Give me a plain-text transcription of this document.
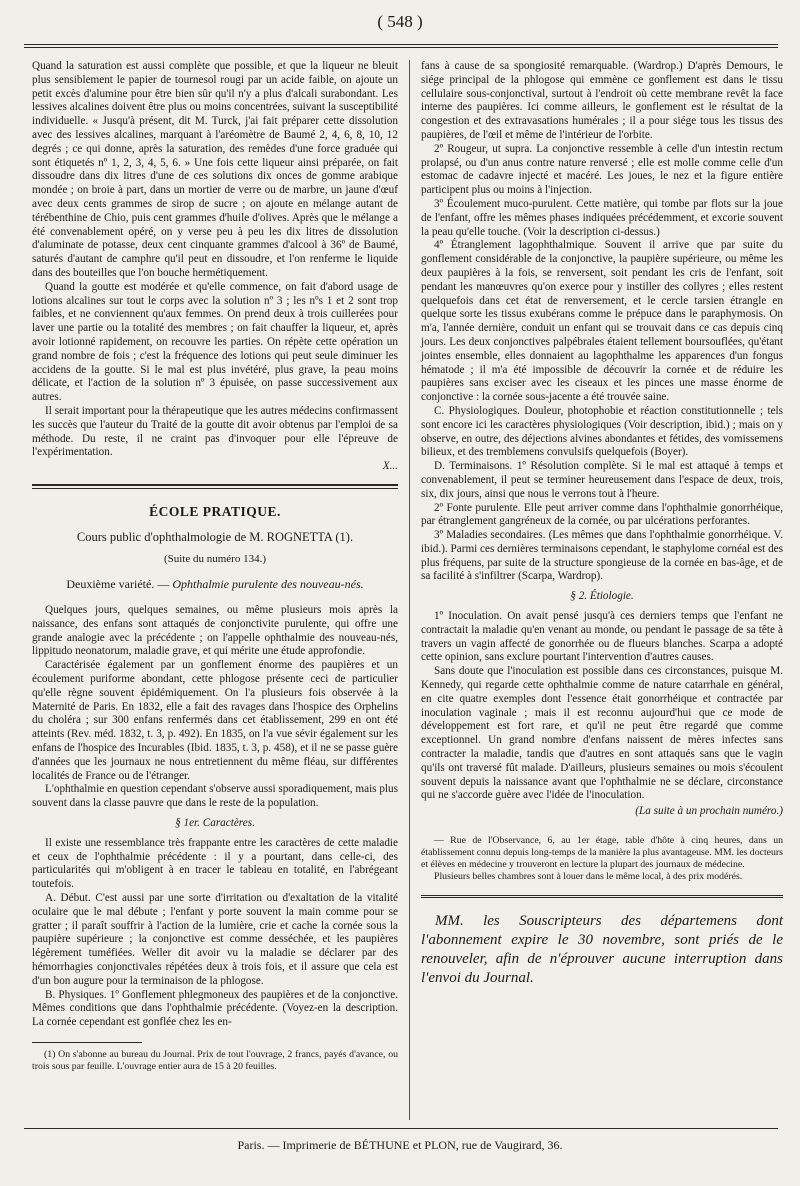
( 548 )

Quand la saturation est aussi complète que possible, et que la liqueur ne bleuit plus sensiblement le papier de tournesol rougi par un acide faible, on ajoute un petit excès d'alumine pour être bien sûr qu'il n'y a plus d'alcali surabondant. Les lessives alcalines doivent être plus ou moins concentrées, suivant la susceptibilité individuelle. « Jusqu'à présent, dit M. Turck, j'ai fait préparer cette dissolution avec des lessives alcalines, marquant à l'aréomètre de Baumé 2, 4, 6, 8, 10, 12 degrés ; ce qui donne, après la saturation, des remèdes d'une force graduée qui sont étiquetés nº 1, 2, 3, 4, 5, 6. » Une fois cette liqueur ainsi préparée, on fait dissoudre dans dix litres d'une de ces solutions dix onces de gomme arabique mondée ; on broie à part, dans un mortier de verre ou de marbre, un jaune d'œuf avec deux cents grammes de sirop de sucre ; on ajoute en mélange autant de térébenthine de Chio, puis cent grammes d'huile d'olives. Après que le mélange a été convenablement opéré, on y verse peu à peu les dix litres de dissolution d'aluminate de potasse, deux cent cinquante grammes d'alcool à 36º de Baumé, saturés d'autant de camphre qu'il peut en dissoudre, et l'on renferme le liquide dans des bouteilles que l'on bouche hermétiquement.

Quand la goutte est modérée et qu'elle commence, on fait d'abord usage de lotions alcalines sur tout le corps avec la solution nº 3 ; les nºs 1 et 2 sont trop faibles, et ne conviennent qu'aux femmes. On prend deux à trois cuillerées pour laver une partie ou la totalité des membres ; on fait chauffer la liqueur, et, après avoir lotionné rapidement, on recouvre les parties. On répète cette opération un grand nombre de fois ; c'est la fréquence des lotions qui peut seule diminuer les accidens de la goutte. Si le mal est plus invétéré, plus grave, la peau moins délicate, et l'action de la solution nº 3 épuisée, on passe successivement aux autres.

Il serait important pour la thérapeutique que les autres médecins confirmassent les succès que l'auteur du Traité de la goutte dit avoir obtenus par l'emploi de sa méthode. Du reste, il ne craint pas d'invoquer pour elle l'épreuve de l'expérimentation.

X...
ÉCOLE PRATIQUE.
Cours public d'ophthalmologie de M. ROGNETTA (1).
(Suite du numéro 134.)
Deuxième variété. — Ophthalmie purulente des nouveau-nés.

Quelques jours, quelques semaines, ou même plusieurs mois après la naissance, des enfans sont attaqués de conjonctivite purulente, qui offre une grande analogie avec la précédente ; on l'appelle ophthalmie des nouveau-nés, lippitudo neonatorum, maladie grave, et qui mérite une étude approfondie.

Caractérisée également par un gonflement énorme des paupières et un écoulement puriforme abondant, cette phlogose présente ceci de particulier qu'elle règne souvent épidémiquement. On l'a plusieurs fois observée à la Maternité de Paris. En 1832, elle a fait des ravages dans l'hospice des Orphelins du choléra ; sur 300 enfans renfermés dans cet établissement, 299 en ont été atteints (Rev. méd. 1832, t. 3, p. 492). En 1835, on l'a vue sévir également sur les enfans de l'hospice des Incurables (Ibid. 1835, t. 3, p. 458), et il ne se passe guère d'années que les journaux ne nous entretiennent du même fléau, sur différentes localités de France ou de l'étranger.

L'ophthalmie en question cependant s'observe aussi sporadiquement, mais plus souvent dans la classe pauvre que dans le reste de la population.

§ 1er. Caractères.

Il existe une ressemblance très frappante entre les caractères de cette maladie et ceux de l'ophthalmie précédente : il y a pourtant, dans celle-ci, des particularités qui m'obligent à en tracer le tableau en totalité, en l'abrégeant toutefois.

A. Début. C'est aussi par une sorte d'irritation ou d'exaltation de la vitalité oculaire que le mal débute ; l'enfant y porte souvent la main comme pour se gratter ; il paraît souffrir à l'action de la lumière, crie et cache la cornée sous la paupière supérieure ; la conjonctive est comme desséchée, et les paupières légèrement tuméfiées. Weller dit avoir vu la maladie se déclarer par des hémorrhagies conjonctivales répétées deux à trois fois, et il assure que cela est d'un bon augure pour la terminaison de la phlogose.

B. Physiques. 1º Gonflement phlegmoneux des paupières et de la conjonctive. Mêmes conditions que dans l'ophthalmie précédente. (Voyez-en la description. La cornée cependant est gonflée chez les en-

(1) On s'abonne au bureau du Journal. Prix de tout l'ouvrage, 2 francs, payés d'avance, ou trois sous par feuille. L'ouvrage entier aura de 15 à 20 feuilles.

fans à cause de sa spongiosité remarquable. (Wardrop.) D'après Demours, le siége principal de la phlogose qui emmène ce gonflement est dans le tissu cellulaire sous-conjonctival, surtout à l'endroit où cette membrane revêt la face interne des paupières. Ici comme ailleurs, le gonflement est le résultat de la congestion et des extravasations humérales ; il a pour siége tous les tissus des paupières, de l'œil et même de l'intérieur de l'orbite.

2º Rougeur, ut supra. La conjonctive ressemble à celle d'un intestin rectum prolapsé, ou d'un anus contre nature renversé ; elle est molle comme celle d'un estomac de cadavre injecté et macéré. Les joues, le nez et la figure entière participent plus ou moins à l'injection.

3º Écoulement muco-purulent. Cette matière, qui tombe par flots sur la joue de l'enfant, offre les mêmes phases indiquées précédemment, et excorie souvent la peau qu'elle touche. (Voir la description ci-dessus.)

4º Étranglement lagophthalmique. Souvent il arrive que par suite du gonflement considérable de la conjonctive, la paupière supérieure, ou même les deux paupières à la fois, se renversent, soit pendant les cris de l'enfant, soit pendant les manœuvres qu'on exerce pour y instiller des collyres ; elles restent quelquefois dans cet état de renversement, et le cercle tarsien étrangle en quelque sorte les tissus exubérans comme le prépuce dans le paraphymosis. On m'a, l'année dernière, conduit un enfant qui se trouvait dans ce cas depuis cinq jours. Les deux conjonctives palpébrales étaient tellement boursouflées, qu'étant jointes ensemble, elles donnaient au lagophthalme les apparences d'un fongus hématode ; il m'a été impossible de découvrir la cornée et de réduire les paupières sans exciser avec les ciseaux et les pinces une masse énorme de conjonctive : la cornée sous-jacente a été trouvée saine.

C. Physiologiques. Douleur, photophobie et réaction constitutionnelle ; tels sont encore ici les caractères physiologiques (Voir description, ibid.) ; mais on y observe, en outre, des déjections alvines abondantes et fétides, des vomissemens bilieux, et des tremblemens convulsifs quelquefois (Boyer).

D. Terminaisons. 1º Résolution complète. Si le mal est attaqué à temps et convenablement, il peut se terminer heureusement dans l'espace de deux, trois, six, dix jours, ainsi que nous le verrons tout à l'heure.

2º Fonte purulente. Elle peut arriver comme dans l'ophthalmie gonorrhéique, par étranglement gangréneux de la cornée, ou par ulcérations perforantes.

3º Maladies secondaires. (Les mêmes que dans l'ophthalmie gonorrhéique. V. ibid.). Parmi ces dernières terminaisons cependant, le staphylome cornéal est des plus fréquens, par suite de la structure spongieuse de la cornée en bas-âge, et de sa facilité à s'infiltrer (Scarpa, Wardrop).

§ 2. Étiologie.

1º Inoculation. On avait pensé jusqu'à ces derniers temps que l'enfant ne contractait la maladie qu'en venant au monde, ou pendant le passage de sa tête à travers un vagin affecté de gonorrhée ou de flueurs blanches. Scarpa a adopté cette opinion, sans exclure pourtant l'intervention d'autres causes.

Sans doute que l'inoculation est possible dans ces circonstances, puisque M. Kennedy, qui regarde cette ophthalmie comme de nature catarrhale en général, en cite quatre exemples dont l'essence était gonorrhéique et contractée par inoculation vaginale ; mais il est reconnu aujourd'hui que ce mode de développement est fort rare, et qu'il ne peut être regardé que comme exceptionnel. Un grand nombre d'enfans naissent de mères infectes sans contracter la maladie, tandis que d'autres en sont attaqués sans que le vagin qu'ils ont traversé fût malade. D'ailleurs, plusieurs semaines ou mois s'écoulent souvent depuis la naissance avant que l'ophthalmie ne se déclare, circonstance qui ne s'accorde guère avec l'idée de l'inoculation.

(La suite à un prochain numéro.)

— Rue de l'Observance, 6, au 1er étage, table d'hôte à cinq heures, dans un établissement connu depuis long-temps de la manière la plus avantageuse. MM. les docteurs et élèves en médecine y trouveront en lecture la plupart des journaux de médecine.

Plusieurs belles chambres sont à louer dans le même local, à des prix modérés.

MM. les Souscripteurs des départemens dont l'abonnement expire le 30 novembre, sont priés de le renouveler, afin de n'éprouver aucune interruption dans l'envoi du Journal.

Paris. — Imprimerie de BÉTHUNE et PLON, rue de Vaugirard, 36.
